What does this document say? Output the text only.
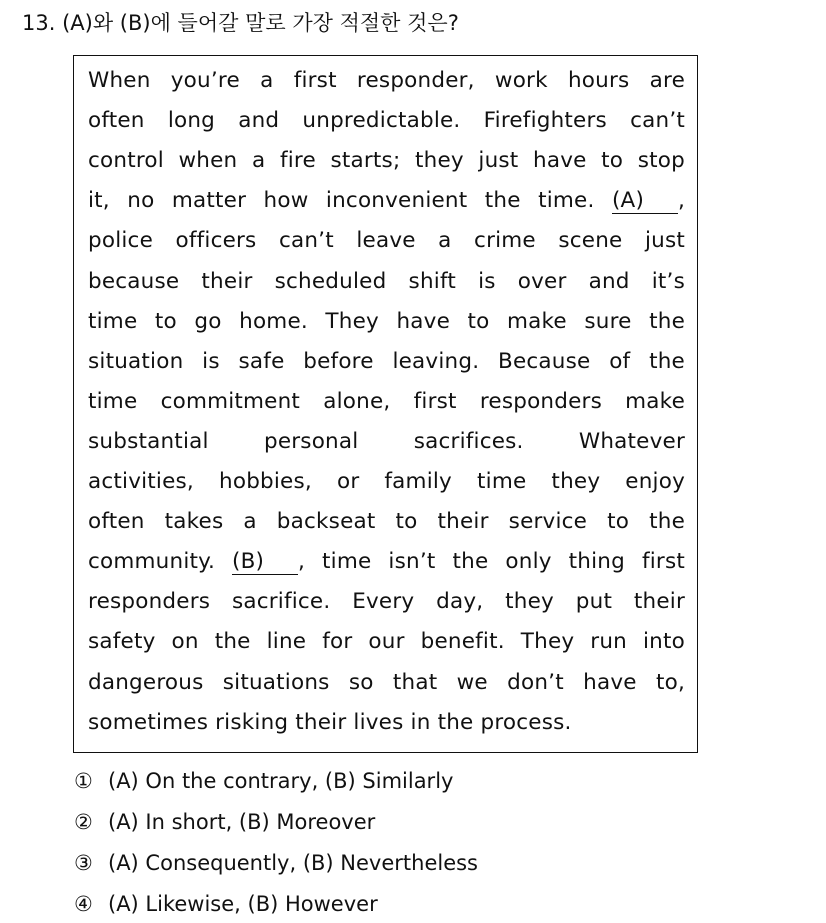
13. (A)와 (B)에 들어갈 말로 가장 적절한 것은?
When you’re a first responder, work hours are
often long and unpredictable. Firefighters can’t
control when a fire starts; they just have to stop
it, no matter how inconvenient the time. (A) ,
police officers can’t leave a crime scene just
because their scheduled shift is over and it’s
time to go home. They have to make sure the
situation is safe before leaving. Because of the
time commitment alone, first responders make
substantial personal sacrifices. Whatever
activities, hobbies, or family time they enjoy
often takes a backseat to their service to the
community. (B) , time isn’t the only thing first
responders sacrifice. Every day, they put their
safety on the line for our benefit. They run into
dangerous situations so that we don’t have to,
sometimes risking their lives in the process.
① (A) On the contrary, (B) Similarly
② (A) In short, (B) Moreover
③ (A) Consequently, (B) Nevertheless
④ (A) Likewise, (B) However
